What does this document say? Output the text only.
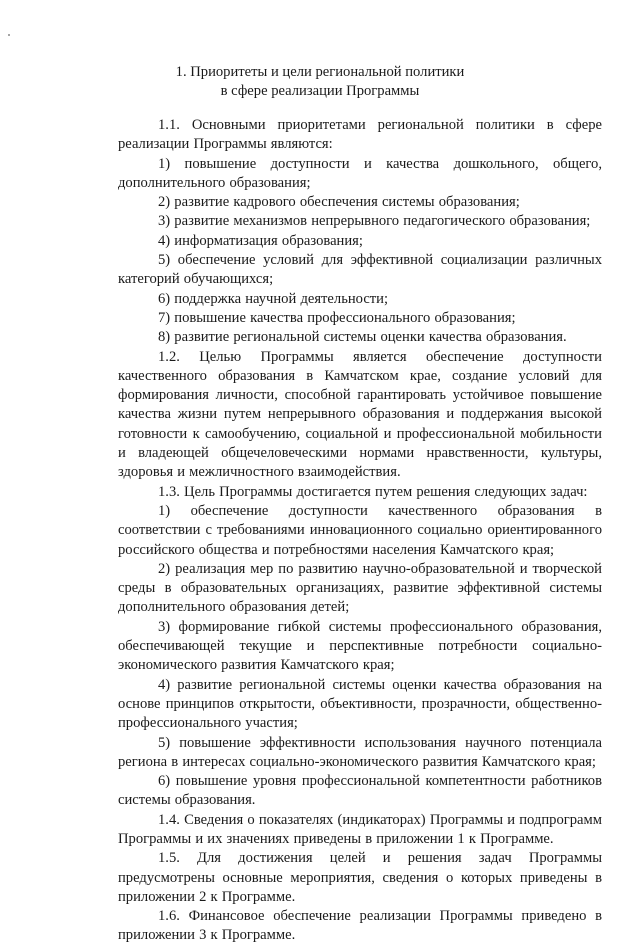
1. Приоритеты и цели региональной политики
в сфере реализации Программы

1.1. Основными приоритетами региональной политики в сфере реализации Программы являются:

1) повышение доступности и качества дошкольного, общего, дополнительного образования;

2) развитие кадрового обеспечения системы образования;

3) развитие механизмов непрерывного педагогического образования;

4) информатизация образования;

5) обеспечение условий для эффективной социализации различных категорий обучающихся;

6) поддержка научной деятельности;

7) повышение качества профессионального образования;

8) развитие региональной системы оценки качества образования.

1.2. Целью Программы является обеспечение доступности качественного образования в Камчатском крае, создание условий для формирования личности, способной гарантировать устойчивое повышение качества жизни путем непрерывного образования и поддержания высокой готовности к самообучению, социальной и профессиональной мобильности и владеющей общечеловеческими нормами нравственности, культуры, здоровья и межличностного взаимодействия.

1.3. Цель Программы достигается путем решения следующих задач:

1) обеспечение доступности качественного образования в соответствии с требованиями инновационного социально ориентированного российского общества и потребностями населения Камчатского края;

2) реализация мер по развитию научно-образовательной и творческой среды в образовательных организациях, развитие эффективной системы дополнительного образования детей;

3) формирование гибкой системы профессионального образования, обеспечивающей текущие и перспективные потребности социально-экономического развития Камчатского края;

4) развитие региональной системы оценки качества образования на основе принципов открытости, объективности, прозрачности, общественно-профессионального участия;

5) повышение эффективности использования научного потенциала региона в интересах социально-экономического развития Камчатского края;

6) повышение уровня профессиональной компетентности работников системы образования.

1.4. Сведения о показателях (индикаторах) Программы и подпрограмм Программы и их значениях приведены в приложении 1 к Программе.

1.5. Для достижения целей и решения задач Программы предусмотрены основные мероприятия, сведения о которых приведены в приложении 2 к Программе.

1.6. Финансовое обеспечение реализации Программы приведено в приложении 3 к Программе.
